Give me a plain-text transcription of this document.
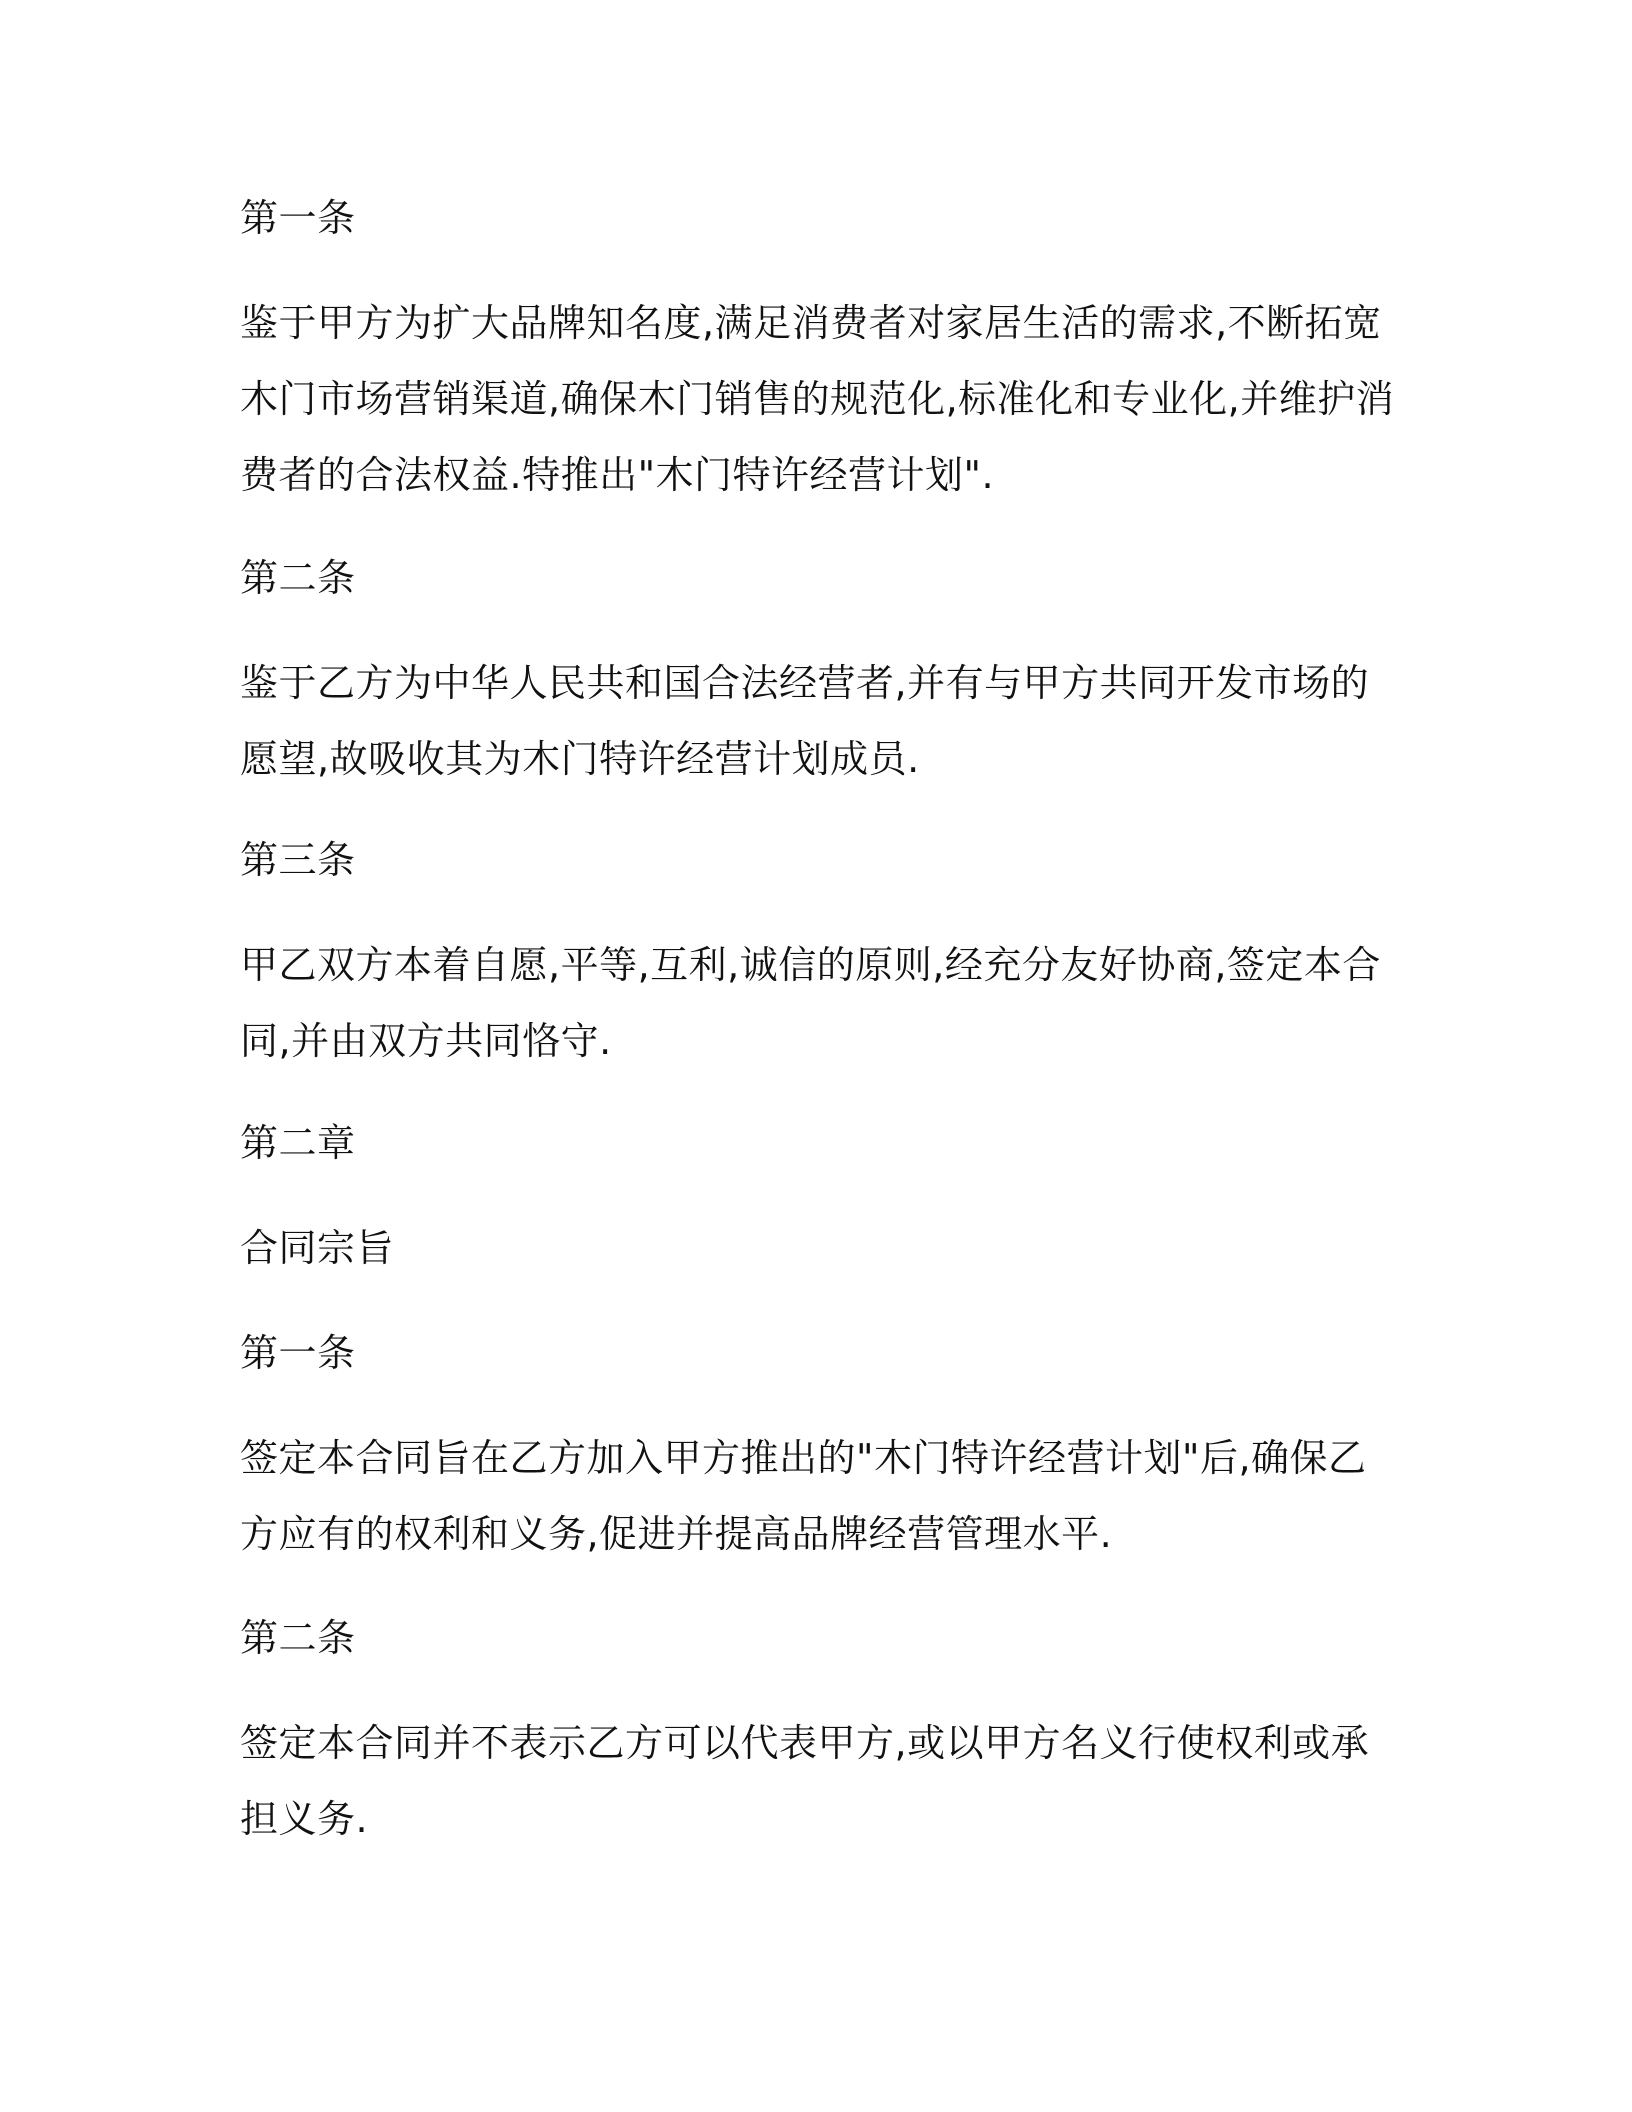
第一条
鉴于甲方为扩大品牌知名度,满足消费者对家居生活的需求,不断拓宽木门市场营销渠道,确保木门销售的规范化,标准化和专业化,并维护消费者的合法权益.特推出"木门特许经营计划".
第二条
鉴于乙方为中华人民共和国合法经营者,并有与甲方共同开发市场的愿望,故吸收其为木门特许经营计划成员.
第三条
甲乙双方本着自愿,平等,互利,诚信的原则,经充分友好协商,签定本合同,并由双方共同恪守.
第二章
合同宗旨
第一条
签定本合同旨在乙方加入甲方推出的"木门特许经营计划"后,确保乙方应有的权利和义务,促进并提高品牌经营管理水平.
第二条
签定本合同并不表示乙方可以代表甲方,或以甲方名义行使权利或承担义务.
